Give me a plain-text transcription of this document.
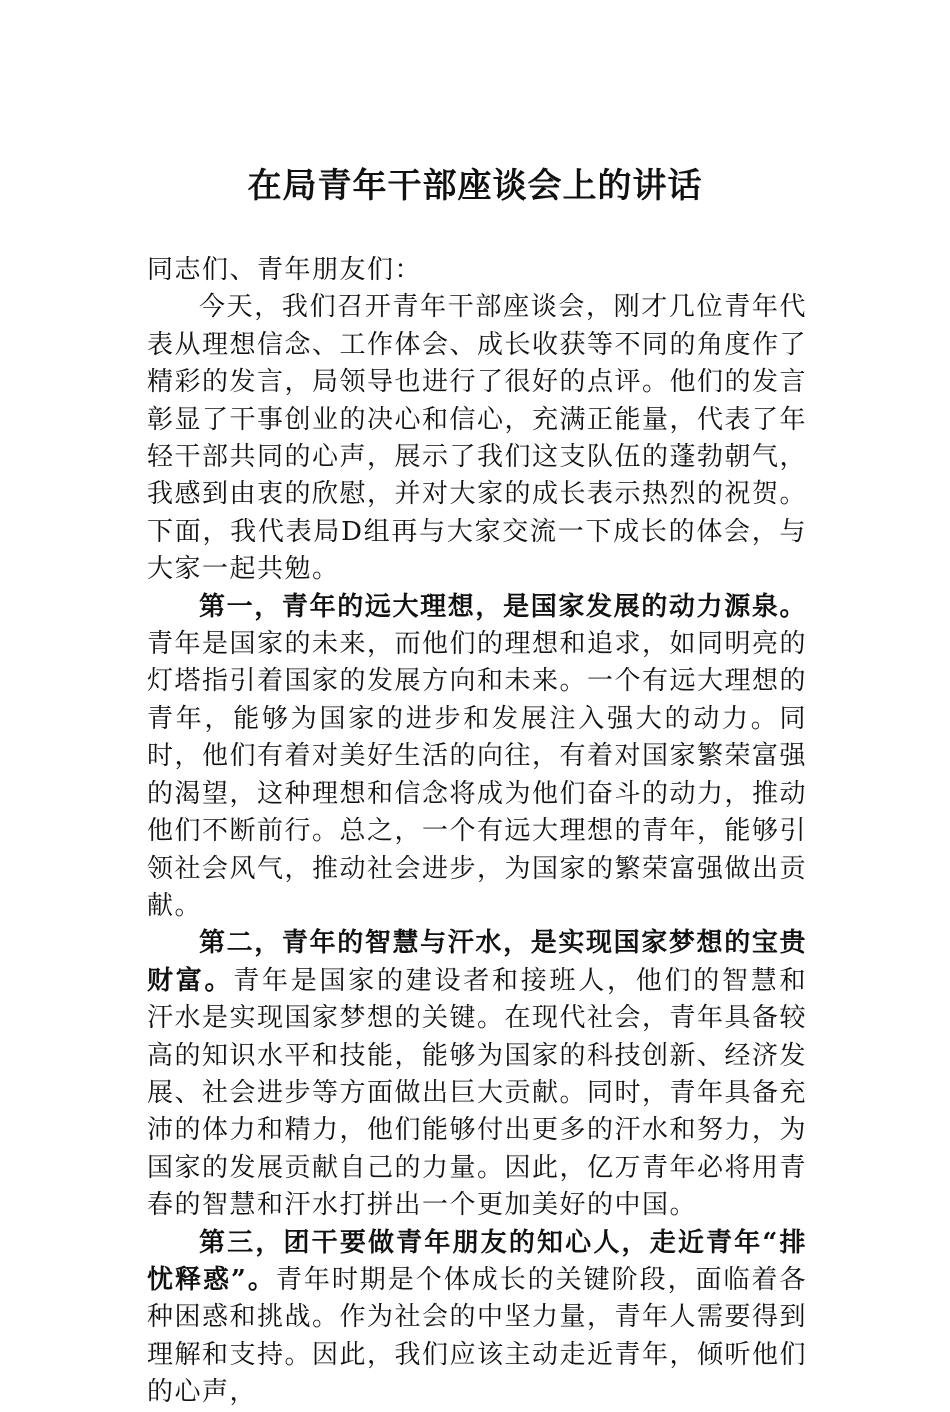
在局青年干部座谈会上的讲话

同志们、青年朋友们：

今天，我们召开青年干部座谈会，刚才几位青年代表从理想信念、工作体会、成长收获等不同的角度作了精彩的发言，局领导也进行了很好的点评。他们的发言彰显了干事创业的决心和信心，充满正能量，代表了年轻干部共同的心声，展示了我们这支队伍的蓬勃朝气，我感到由衷的欣慰，并对大家的成长表示热烈的祝贺。下面，我代表局D组再与大家交流一下成长的体会，与大家一起共勉。

第一，青年的远大理想，是国家发展的动力源泉。青年是国家的未来，而他们的理想和追求，如同明亮的灯塔指引着国家的发展方向和未来。一个有远大理想的青年，能够为国家的进步和发展注入强大的动力。同时，他们有着对美好生活的向往，有着对国家繁荣富强的渴望，这种理想和信念将成为他们奋斗的动力，推动他们不断前行。总之，一个有远大理想的青年，能够引领社会风气，推动社会进步，为国家的繁荣富强做出贡献。

第二，青年的智慧与汗水，是实现国家梦想的宝贵财富。青年是国家的建设者和接班人，他们的智慧和汗水是实现国家梦想的关键。在现代社会，青年具备较高的知识水平和技能，能够为国家的科技创新、经济发展、社会进步等方面做出巨大贡献。同时，青年具备充沛的体力和精力，他们能够付出更多的汗水和努力，为国家的发展贡献自己的力量。因此，亿万青年必将用青春的智慧和汗水打拼出一个更加美好的中国。

第三，团干要做青年朋友的知心人，走近青年“排忧释惑”。青年时期是个体成长的关键阶段，面临着各种困惑和挑战。作为社会的中坚力量，青年人需要得到理解和支持。因此，我们应该主动走近青年，倾听他们的心声，
